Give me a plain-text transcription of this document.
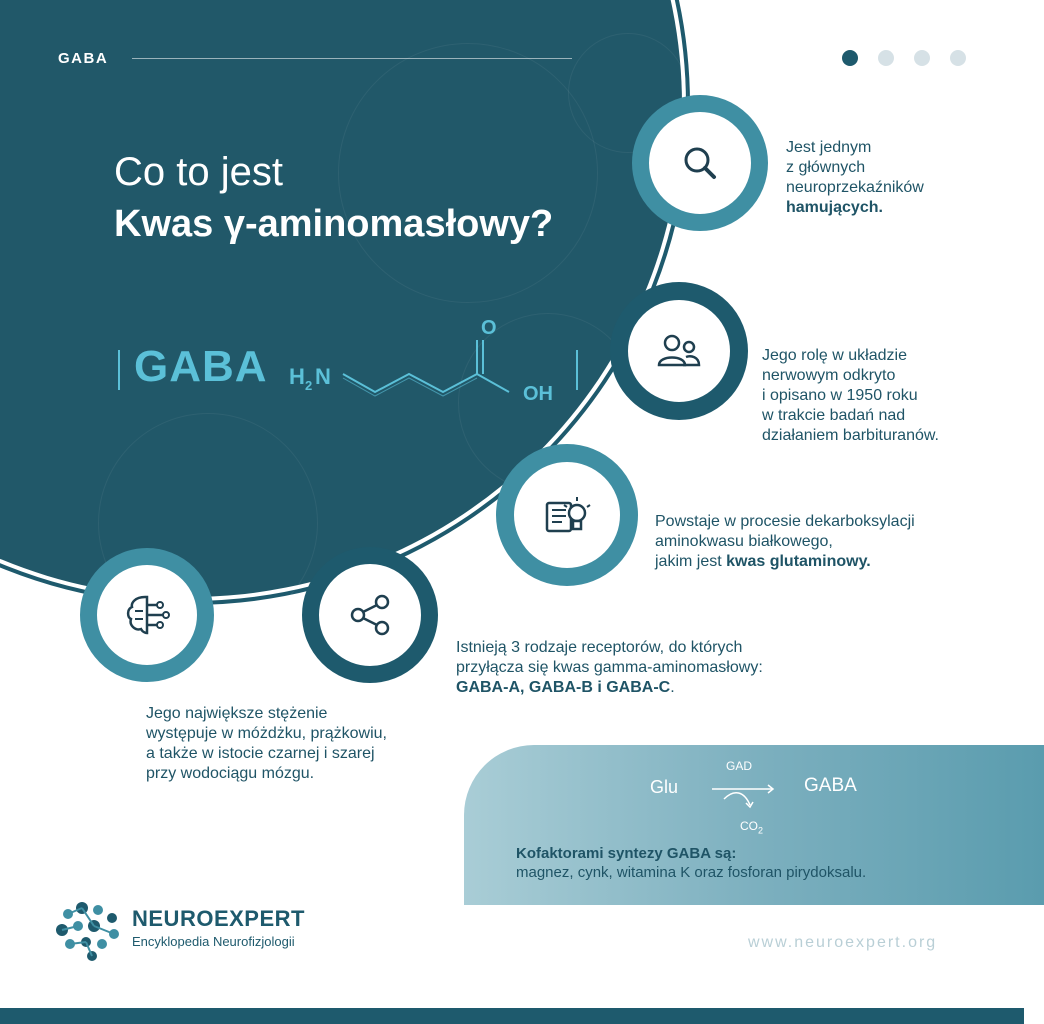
GABA
Co to jest
Kwas γ-aminomasłowy?
GABA H 2 N
O
OH
Jest jednym
z głównych
neuroprzekaźników
hamujących.
Jego rolę w układzie
nerwowym odkryto
i opisano w 1950 roku
w trakcie badań nad
działaniem barbituranów.
Powstaje w procesie dekarboksylacji
aminokwasu białkowego,
jakim jest kwas glutaminowy.
Istnieją 3 rodzaje receptorów, do których
przyłącza się kwas gamma-aminomasłowy:
GABA-A, GABA-B i GABA-C.
Jego największe stężenie
występuje w móżdżku, prążkowiu,
a także w istocie czarnej i szarej
przy wodociągu mózgu.
Glu
GAD
GABA
$CO_2$
Kofaktorami syntezy GABA są:
magnez, cynk, witamina K oraz fosforan pirydoksalu.
NEUROEXPERT
Encyklopedia Neurofizjologii	www.neuroexpert.org
